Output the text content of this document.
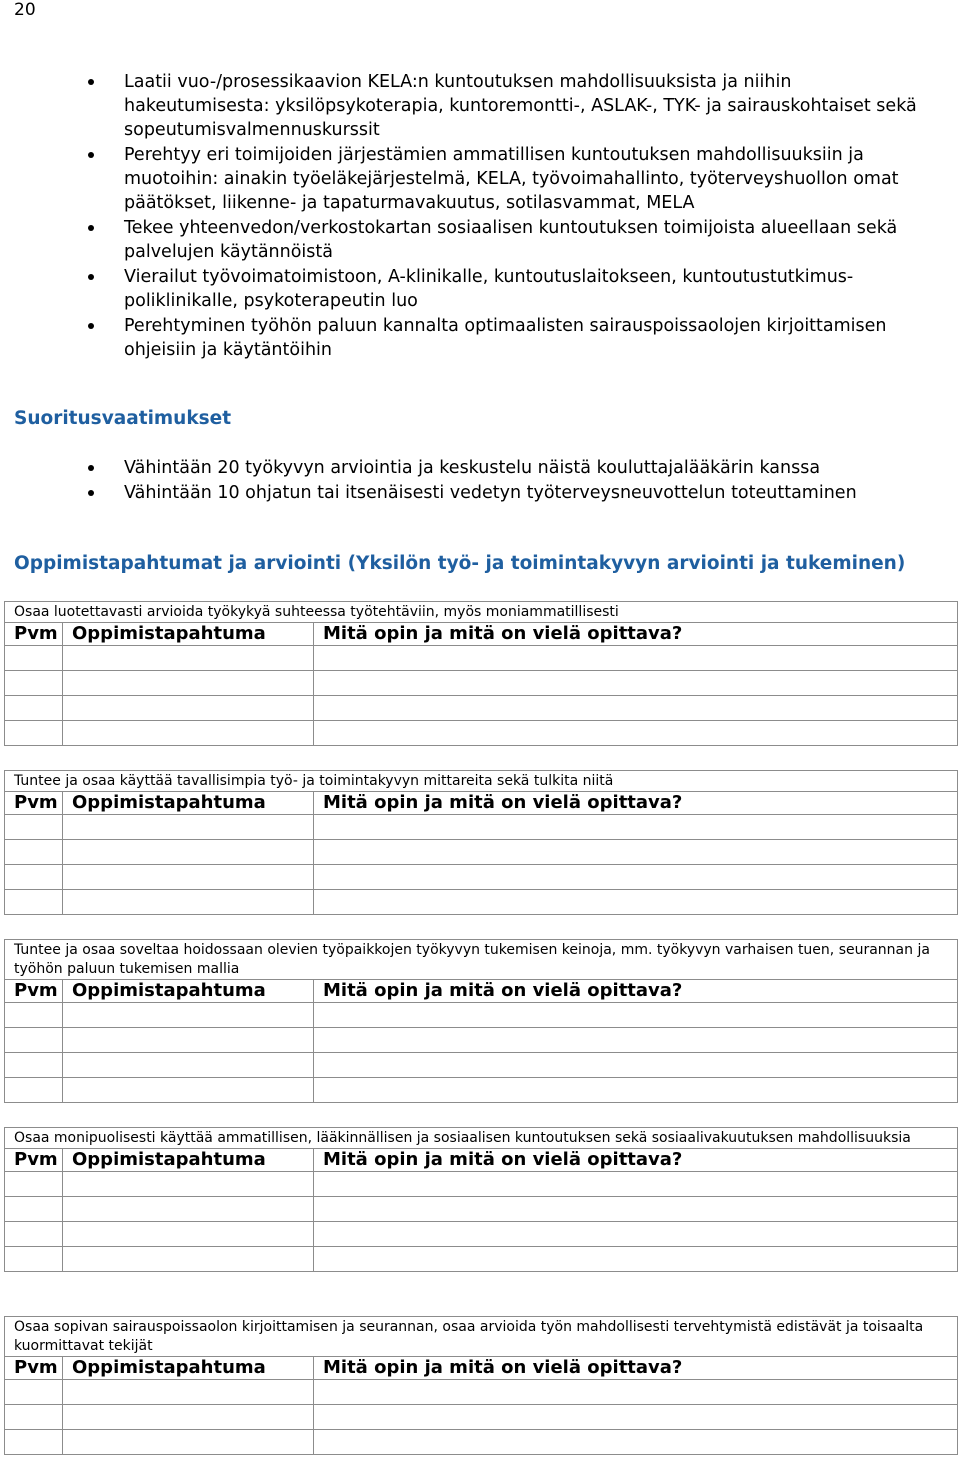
20
Laatii vuo-/prosessikaavion KELA:n kuntoutuksen mahdollisuuksista ja niihin hakeutumisesta: yksilöpsykoterapia, kuntoremontti-, ASLAK-, TYK- ja sairauskohtaiset sekä sopeutumisvalmennuskurssit
Perehtyy eri toimijoiden järjestämien ammatillisen kuntoutuksen mahdollisuuksiin ja muotoihin: ainakin työeläkejärjestelmä, KELA, työvoimahallinto, työterveyshuollon omat päätökset, liikenne- ja tapaturmavakuutus, sotilasvammat, MELA
Tekee yhteenvedon/verkostokartan sosiaalisen kuntoutuksen toimijoista alueellaan sekä palvelujen käytännöistä
Vierailut työvoimatoimistoon, A-klinikalle, kuntoutuslaitokseen, kuntoutustutkimus-poliklinikalle, psykoterapeutin luo
Perehtyminen työhön paluun kannalta optimaalisten sairauspoissaolojen kirjoittamisen ohjeisiin ja käytäntöihin
Suoritusvaatimukset
Vähintään 20 työkyvyn arviointia ja keskustelu näistä kouluttajalääkärin kanssa
Vähintään 10 ohjatun tai itsenäisesti vedetyn työterveysneuvottelun toteuttaminen
Oppimistapahtumat ja arviointi (Yksilön työ- ja toimintakyvyn arviointi ja tukeminen)
Osaa luotettavasti arvioida työkykyä suhteessa työtehtäviin, myös moniammatillisesti		
Pvm	Oppimistapahtuma	Mitä opin ja mitä on vielä opittava?

Tuntee ja osaa käyttää tavallisimpia työ- ja toimintakyvyn mittareita sekä tulkita niitä		
Pvm	Oppimistapahtuma	Mitä opin ja mitä on vielä opittava?

Tuntee ja osaa soveltaa hoidossaan olevien työpaikkojen työkyvyn tukemisen keinoja, mm. työkyvyn varhaisen tuen, seurannan ja työhön paluun tukemisen mallia		
Pvm	Oppimistapahtuma	Mitä opin ja mitä on vielä opittava?

Osaa monipuolisesti käyttää ammatillisen, lääkinnällisen ja sosiaalisen kuntoutuksen sekä sosiaalivakuutuksen mahdollisuuksia		
Pvm	Oppimistapahtuma	Mitä opin ja mitä on vielä opittava?

Osaa sopivan sairauspoissaolon kirjoittamisen ja seurannan, osaa arvioida työn mahdollisesti tervehtymistä edistävät ja toisaalta kuormittavat tekijät		
Pvm	Oppimistapahtuma	Mitä opin ja mitä on vielä opittava?
